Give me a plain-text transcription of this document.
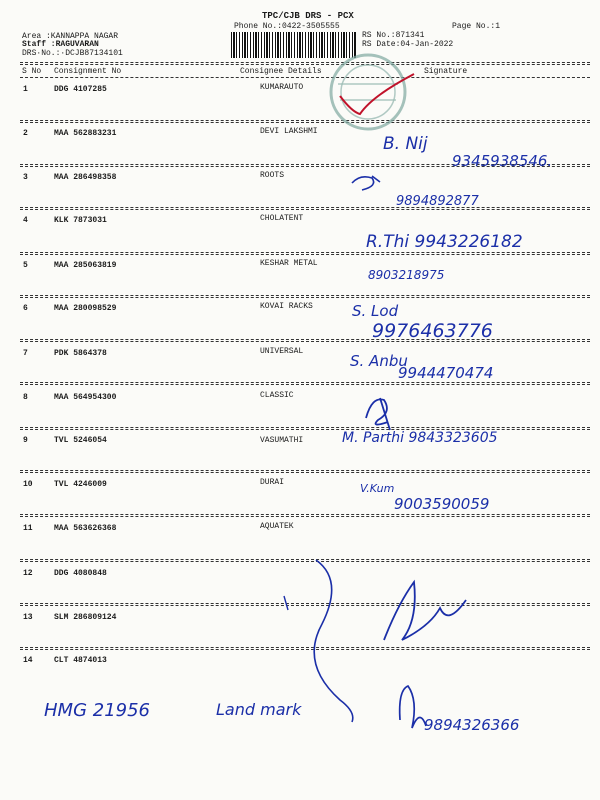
TPC/CJB DRS - PCX
Phone No.:0422-3505555	Page No.:1
Area :KANNAPPA NAGAR
Staff :RAGUVARAN
DRS·No.:·DCJB87134101
RS No.:871341
RS Date:04-Jan-2022
S No Consignment No	Consignee Details	Signature
1	DDG 4107285	KUMARAUTO
2	MAA 562883231	DEVI LAKSHMI
3	MAA 286498358	ROOTS
4	KLK 7873031	CHOLATENT
5	MAA 285063819	KESHAR METAL
6	MAA 280098529	KOVAI RACKS
7	PDK 5864378	UNIVERSAL
8	MAA 564954300	CLASSIC
9	TVL 5246054	VASUMATHI
10	TVL 4246009	DURAI
11	MAA 563626368	AQUATEK
12	DDG 4080848
13	SLM 286809124
14	CLT 4874013
B. Nij
9345938546.
9894892877
R.Thi 9943226182
8903218975
S. Lod
9976463776
S. Anbu
9944470474
M. Parthi 9843323605
V.Kum
9003590059
HMG 21956	Land mark
9894326366
